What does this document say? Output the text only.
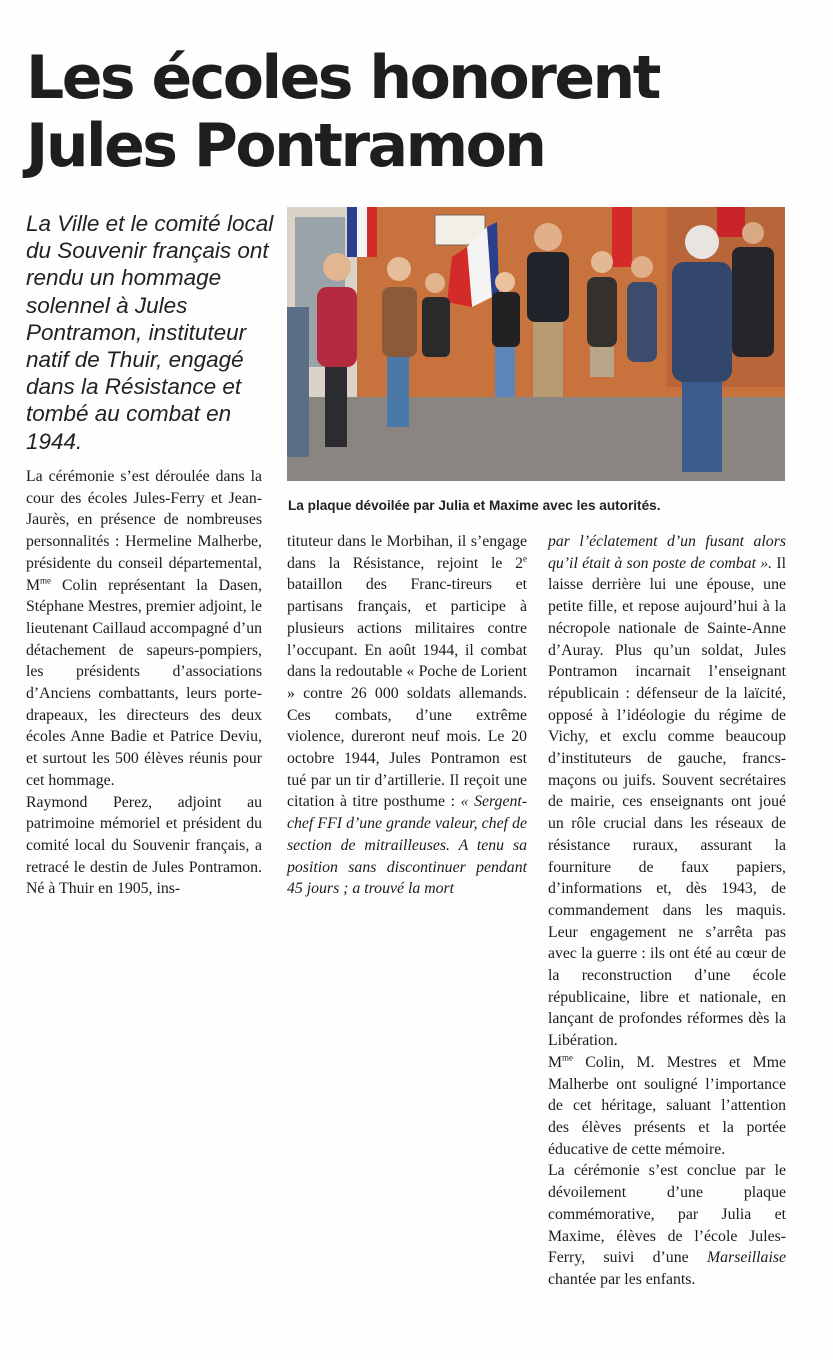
Les écoles honorent
Jules Pontramon

La Ville et le comité local du Souvenir français ont rendu un hommage solennel à Jules Pontramon, instituteur natif de Thuir, engagé dans la Résistance et tombé au combat en 1944.

La plaque dévoilée par Julia et Maxime avec les autorités.

La cérémonie s’est déroulée dans la cour des écoles Jules-Ferry et Jean-Jaurès, en présence de nombreuses personnalités : Hermeline Malherbe, présidente du conseil départemental, $M^{me}$ Colin représentant la Dasen, Stéphane Mestres, premier adjoint, le lieutenant Caillaud accompagné d’un détachement de sapeurs-pompiers, les présidents d’associations d’Anciens combattants, leurs porte-drapeaux, les directeurs des deux écoles Anne Badie et Patrice Deviu, et surtout les 500 élèves réunis pour cet hommage.

Raymond Perez, adjoint au patrimoine mémoriel et président du comité local du Souvenir français, a retracé le destin de Jules Pontramon. Né à Thuir en 1905, ins-

tituteur dans le Morbihan, il s’engage dans la Résistance, rejoint le 2e bataillon des Franc-tireurs et partisans français, et participe à plusieurs actions militaires contre l’occupant. En août 1944, il combat dans la redoutable « Poche de Lorient » contre 26 000 soldats allemands. Ces combats, d’une extrême violence, dureront neuf mois. Le 20 octobre 1944, Jules Pontramon est tué par un tir d’artillerie. Il reçoit une citation à titre posthume : « Sergent-chef FFI d’une grande valeur, chef de section de mitrailleuses. A tenu sa position sans discontinuer pendant 45 jours ; a trouvé la mort

par l’éclatement d’un fusant alors qu’il était à son poste de combat ». Il laisse derrière lui une épouse, une petite fille, et repose aujourd’hui à la nécropole nationale de Sainte-Anne d’Auray. Plus qu’un soldat, Jules Pontramon incarnait l’enseignant républicain : défenseur de la laïcité, opposé à l’idéologie du régime de Vichy, et exclu comme beaucoup d’instituteurs de gauche, francs-maçons ou juifs. Souvent secrétaires de mairie, ces enseignants ont joué un rôle crucial dans les réseaux de résistance ruraux, assurant la fourniture de faux papiers, d’informations et, dès 1943, de commandement dans les maquis. Leur engagement ne s’arrêta pas avec la guerre : ils ont été au cœur de la reconstruction d’une école républicaine, libre et nationale, en lançant de profondes réformes dès la Libération.

$M^{me}$ Colin, M. Mestres et Mme Malherbe ont souligné l’importance de cet héritage, saluant l’attention des élèves présents et la portée éducative de cette mémoire.

La cérémonie s’est conclue par le dévoilement d’une plaque commémorative, par Julia et Maxime, élèves de l’école Jules-Ferry, suivi d’une Marseillaise chantée par les enfants.
